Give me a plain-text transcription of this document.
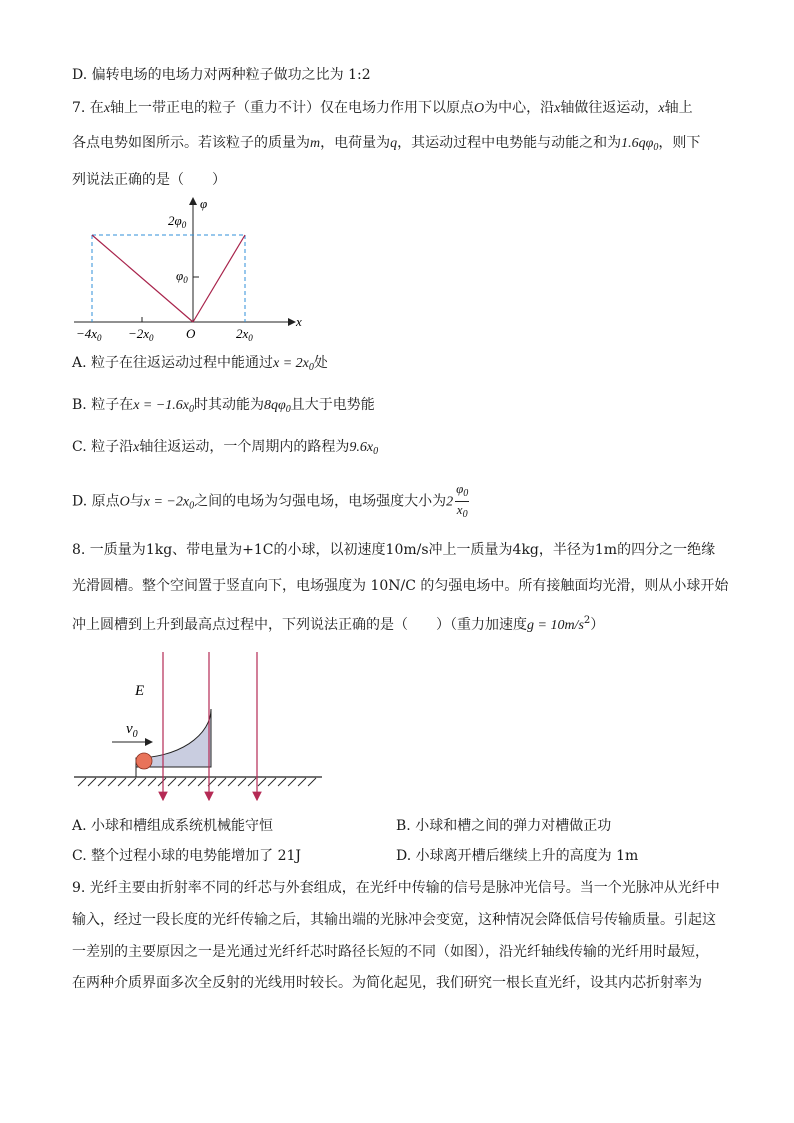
D. 偏转电场的电场力对两种粒子做功之比为 1:2
7. 在x轴上一带正电的粒子（重力不计）仅在电场力作用下以原点O为中心，沿x轴做往返运动，x轴上
各点电势如图所示。若该粒子的质量为m，电荷量为q，其运动过程中电势能与动能之和为$1.6q\varphi_0$，则下
列说法正确的是（　　）
φ
x
O
$2\varphi_0$
$\varphi_0$
$-4x_0 -2x_0$	$2x_0$
A. 粒子在往返运动过程中能通过$x = 2x_0$处
B. 粒子在$x = -1.6x_0$时其动能为$8q\varphi_0$且大于电势能
C. 粒子沿x轴往返运动，一个周期内的路程为$9.6x_0$
D. 原点O与$x = -2x_0$之间的电场为匀强电场，电场强度大小为$2 \frac{\varphi_0}{x_0}$
8. 一质量为1kg、带电量为+1C的小球，以初速度10m/s冲上一质量为4kg，半径为1m的四分之一绝缘
光滑圆槽。整个空间置于竖直向下，电场强度为 10N/C 的匀强电场中。所有接触面均光滑，则从小球开始
冲上圆槽到上升到最高点过程中，下列说法正确的是（　　）（重力加速度$g = 10m/s^2$）
E
$v_0$
A. 小球和槽组成系统机械能守恒	B. 小球和槽之间的弹力对槽做正功
C. 整个过程小球的电势能增加了 21J	D. 小球离开槽后继续上升的高度为 1m
9. 光纤主要由折射率不同的纤芯与外套组成，在光纤中传输的信号是脉冲光信号。当一个光脉冲从光纤中
输入，经过一段长度的光纤传输之后，其输出端的光脉冲会变宽，这种情况会降低信号传输质量。引起这
一差别的主要原因之一是光通过光纤纤芯时路径长短的不同（如图），沿光纤轴线传输的光纤用时最短，
在两种介质界面多次全反射的光线用时较长。为简化起见，我们研究一根长直光纤，设其内芯折射率为
